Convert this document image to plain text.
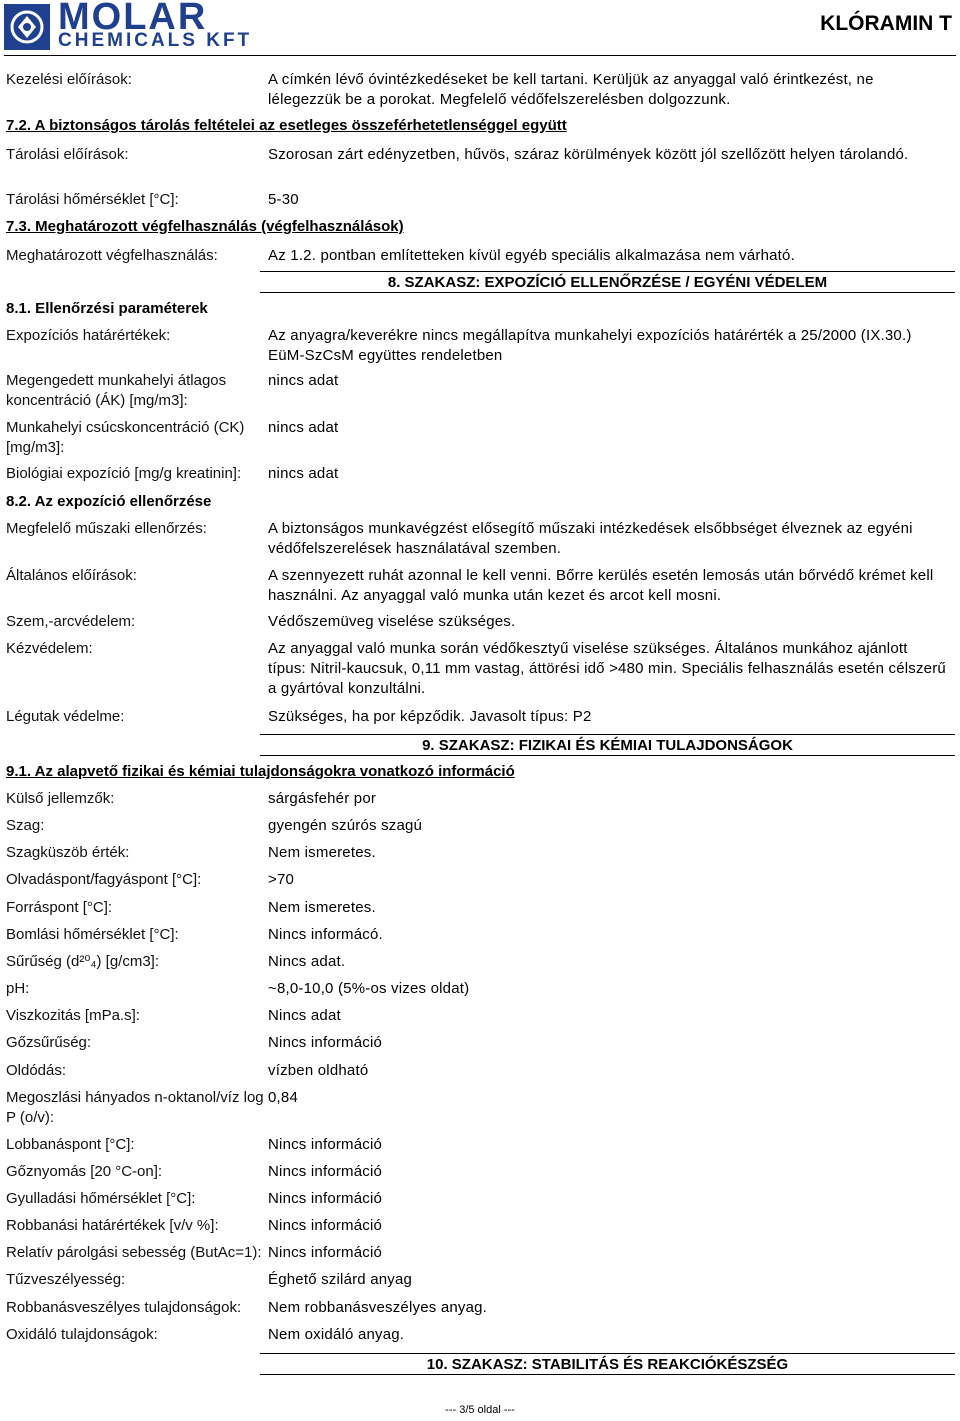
MOLAR
CHEMICALS KFT
KLÓRAMIN T
Kezelési előírások:	A címkén lévő óvintézkedéseket be kell tartani. Kerüljük az anyaggal való érintkezést, ne lélegezzük be a porokat. Megfelelő védőfelszerelésben dolgozzunk.
7.2. A biztonságos tárolás feltételei az esetleges összeférhetetlenséggel együtt
Tárolási előírások:	Szorosan zárt edényzetben, hűvös, száraz körülmények között jól szellőzött helyen tárolandó.
Tárolási hőmérséklet [°C]:	5-30
7.3. Meghatározott végfelhasználás (végfelhasználások)
Meghatározott végfelhasználás:	Az 1.2. pontban említetteken kívül egyéb speciális alkalmazása nem várható.
8. SZAKASZ: EXPOZÍCIÓ ELLENŐRZÉSE / EGYÉNI VÉDELEM
8.1. Ellenőrzési paraméterek
Expozíciós határértékek:	Az anyagra/keverékre nincs megállapítva munkahelyi expozíciós határérték a 25/2000 (IX.30.) EüM-SzCsM együttes rendeletben
Megengedett munkahelyi átlagos koncentráció (ÁK) [mg/m3]:
nincs adat
Munkahelyi csúcskoncentráció (CK) [mg/m3]:
nincs adat
Biológiai expozíció [mg/g kreatinin]: nincs adat
8.2. Az expozíció ellenőrzése
Megfelelő műszaki ellenőrzés:	A biztonságos munkavégzést elősegítő műszaki intézkedések elsőbbséget élveznek az egyéni védőfelszerelések használatával szemben.
Általános előírások:	A szennyezett ruhát azonnal le kell venni. Bőrre kerülés esetén lemosás után bőrvédő krémet kell használni. Az anyaggal való munka után kezet és arcot kell mosni.
Szem,-arcvédelem:	Védőszemüveg viselése szükséges.
Kézvédelem:	Az anyaggal való munka során védőkesztyű viselése szükséges. Általános munkához ajánlott típus: Nitril-kaucsuk, 0,11 mm vastag, áttörési idő >480 min. Speciális felhasználás esetén célszerű a gyártóval konzultálni.
Légutak védelme:	Szükséges, ha por képződik. Javasolt típus: P2
9. SZAKASZ: FIZIKAI ÉS KÉMIAI TULAJDONSÁGOK
9.1. Az alapvető fizikai és kémiai tulajdonságokra vonatkozó információ
Külső jellemzők:	sárgásfehér por
Szag:	gyengén szúrós szagú
Szagküszöb érték:	Nem ismeretes.
Olvadáspont/fagyáspont [°C]:	>70
Forráspont [°C]:	Nem ismeretes.
Bomlási hőmérséklet [°C]:	Nincs informácó.
Sűrűség (d²⁰₄) [g/cm3]:	Nincs adat.
pH:	~8,0-10,0 (5%-os vizes oldat)
Viszkozitás [mPa.s]:	Nincs adat
Gőzsűrűség:	Nincs információ
Oldódás:	vízben oldható
Megoszlási hányados n-oktanol/víz log P (o/v):
0,84
Lobbanáspont [°C]:	Nincs információ
Gőznyomás [20 °C-on]:	Nincs információ
Gyulladási hőmérséklet [°C]:	Nincs információ
Robbanási határértékek [v/v %]:	Nincs információ
Relatív párolgási sebesség (ButAc=1): Nincs információ
Tűzveszélyesség:	Éghető szilárd anyag
Robbanásveszélyes tulajdonságok: Nem robbanásveszélyes anyag.
Oxidáló tulajdonságok:	Nem oxidáló anyag.
10. SZAKASZ: STABILITÁS ÉS REAKCIÓKÉSZSÉG
--- 3/5 oldal ---
